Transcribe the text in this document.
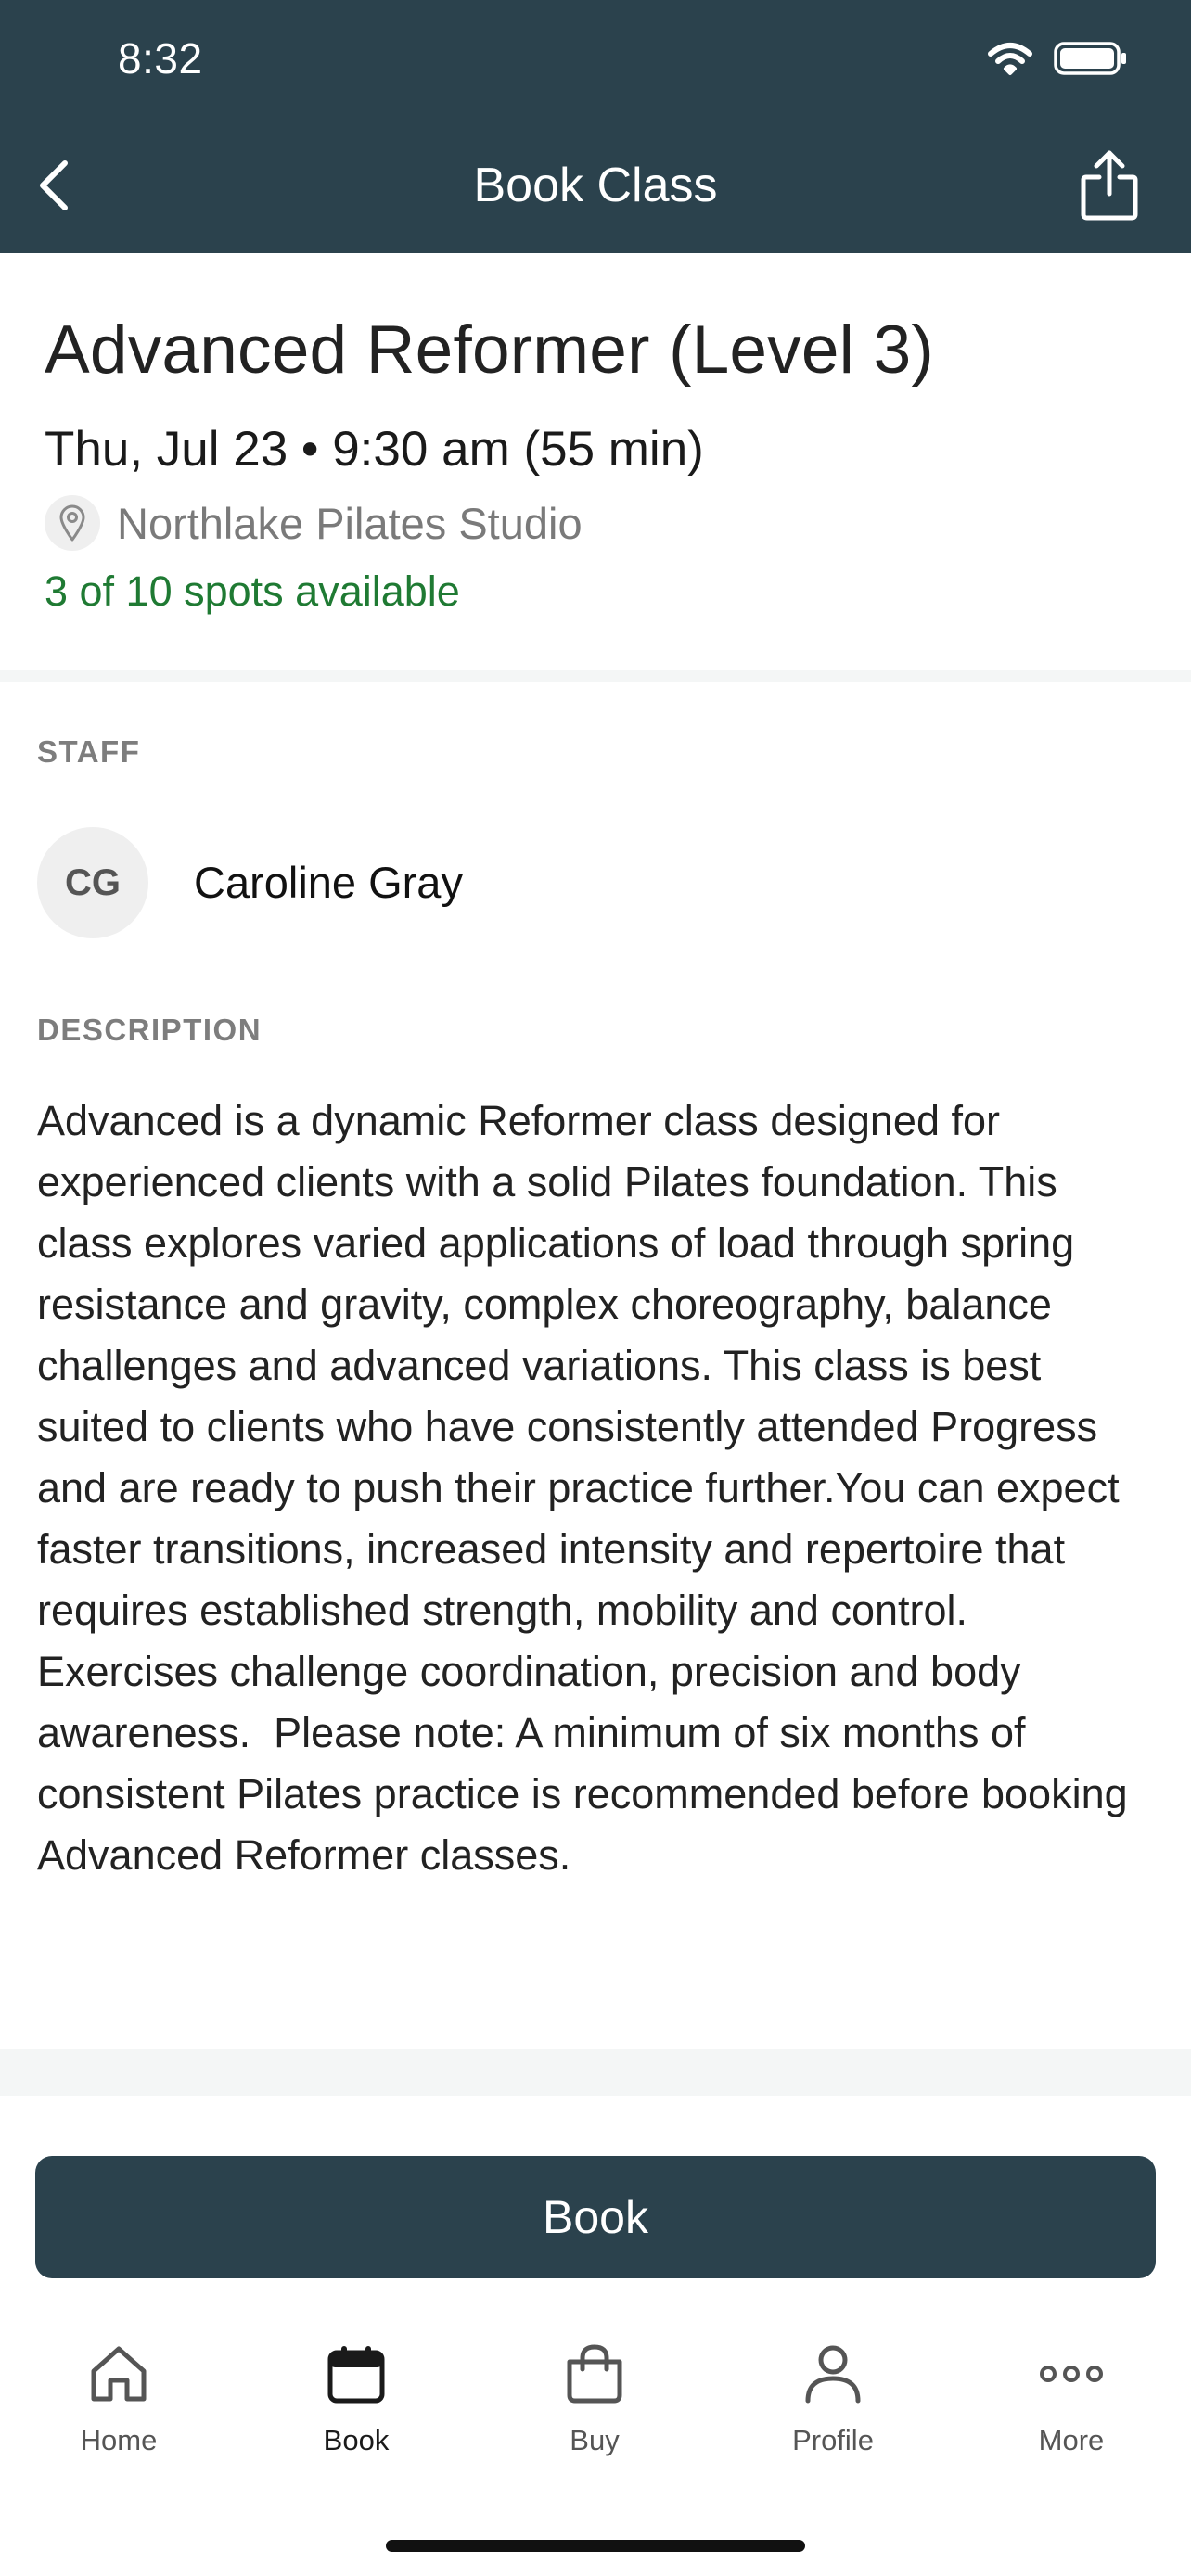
8:32
Book Class
Advanced Reformer (Level 3)
Thu, Jul 23 • 9:30 am (55 min)
Northlake Pilates Studio
3 of 10 spots available
STAFF
CG	Caroline Gray
DESCRIPTION

Advanced is a dynamic Reformer class designed for experienced clients with a solid Pilates foundation. This class explores varied applications of load through spring resistance and gravity, complex choreography, balance challenges and advanced variations. This class is best suited to clients who have consistently attended Progress and are ready to push their practice further.You can expect faster transitions, increased intensity and repertoire that requires established strength, mobility and control. Exercises challenge coordination, precision and body awareness.  Please note: A minimum of six months of consistent Pilates practice is recommended before booking Advanced Reformer classes.

Book
Home	Book	Buy	Profile	More
